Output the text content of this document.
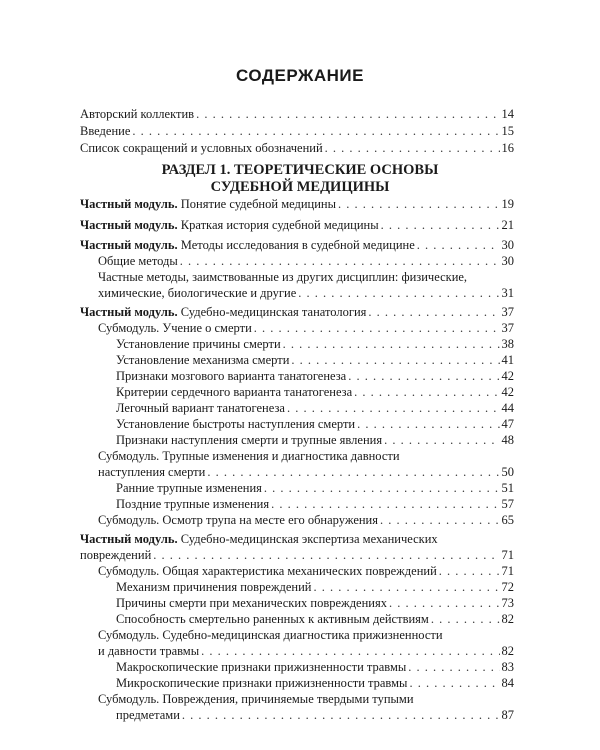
СОДЕРЖАНИЕ
Авторский коллектив . . .	14
Введение . . .	15
Список сокращений и условных обозначений . . .	16
РАЗДЕЛ 1. ТЕОРЕТИЧЕСКИЕ ОСНОВЫ
СУДЕБНОЙ МЕДИЦИНЫ
Частный модуль. Понятие судебной медицины . . .	19
Частный модуль. Краткая история судебной медицины . . .	21
Частный модуль. Методы исследования в судебной медицине . . .	30
Общие методы . . .	30
Частные методы, заимствованные из других дисциплин: физические,
химические, биологические и другие . . .	31
Частный модуль. Судебно-медицинская танатология . . .	37
Субмодуль. Учение о смерти . . .	37
Установление причины смерти . . .	38
Установление механизма смерти . . .	41
Признаки мозгового варианта танатогенеза . . .	42
Критерии сердечного варианта танатогенеза . . .	42
Легочный вариант танатогенеза . . .	44
Установление быстроты наступления смерти . . .	47
Признаки наступления смерти и трупные явления . . .	48
Субмодуль. Трупные изменения и диагностика давности
наступления смерти . . .	50
Ранние трупные изменения . . .	51
Поздние трупные изменения . . .	57
Субмодуль. Осмотр трупа на месте его обнаружения . . .	65
Частный модуль. Судебно-медицинская экспертиза механических
повреждений . . .	71
Субмодуль. Общая характеристика механических повреждений . . .	71
Механизм причинения повреждений . . .	72
Причины смерти при механических повреждениях . . .	73
Способность смертельно раненных к активным действиям . . .	82
Субмодуль. Судебно-медицинская диагностика прижизненности
и давности травмы . . .	82
Макроскопические признаки прижизненности травмы . . .	83
Микроскопические признаки прижизненности травмы . . .	84
Субмодуль. Повреждения, причиняемые твердыми тупыми
предметами . . .	87
